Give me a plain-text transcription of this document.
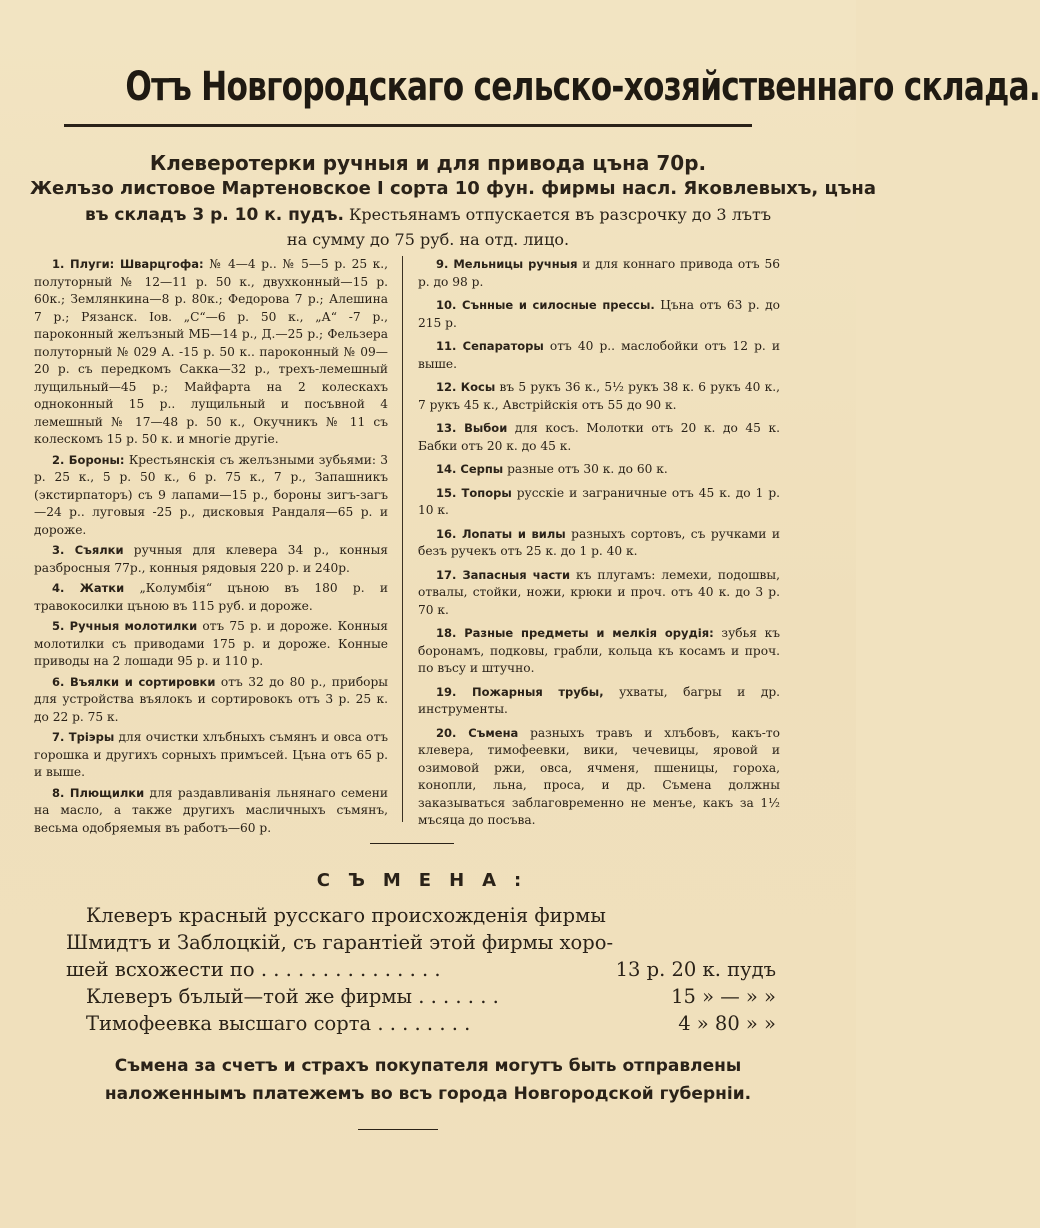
Отъ Новгородскаго сельско-хозяйственнаго склада.
Клеверотерки ручныя и для привода цъна 70р.
Желъзо листовое Мартеновское I сорта 10 фун. фирмы насл. Яковлевыхъ, цъна
въ складъ 3 р. 10 к. пудъ. Крестьянамъ отпускается въ разсрочку до 3 лътъ
на сумму до 75 руб. на отд. лицо.

1. Плуги: Шварцгофа: № 4—4 р.. № 5—5 р. 25 к., полуторный № 12—11 р. 50 к., двухконный—15 р. 60к.; Землянкина—8 р. 80к.; Федорова 7 р.; Алешина 7 р.; Рязанск. Іов. „С“—6 р. 50 к., „А“ -7 р., пароконный желъзный МБ—14 р., Д.—25 р.; Фельзера полуторный № 029 А. -15 р. 50 к.. пароконный № 09—20 р. съ передкомъ Сакка—32 р., трехъ-лемешный лущильный—45 р.; Майфарта на 2 колескахъ одноконный 15 р.. лущильный и посъвной 4 лемешный № 17—48 р. 50 к., Окучникъ № 11 съ колескомъ 15 р. 50 к. и многіе другіе.

2. Бороны: Крестьянскія съ желъзными зубьями: 3 р. 25 к., 5 р. 50 к., 6 р. 75 к., 7 р., Запашникъ (экстирпаторъ) съ 9 лапами—15 р., бороны зигъ-загъ—24 р.. луговыя -25 р., дисковыя Рандаля—65 р. и дороже.

3. Съялки ручныя для клевера 34 р., конныя разбросныя 77р., конныя рядовыя 220 р. и 240р.

4. Жатки „Колумбія“ цъною въ 180 р. и травокосилки цъною въ 115 руб. и дороже.

5. Ручныя молотилки отъ 75 р. и дороже. Конныя молотилки съ приводами 175 р. и дороже. Конные приводы на 2 лошади 95 р. и 110 р.

6. Въялки и сортировки отъ 32 до 80 р., приборы для устройства въялокъ и сортировокъ отъ 3 р. 25 к. до 22 р. 75 к.

7. Тріэры для очистки хлъбныхъ съмянъ и овса отъ горошка и другихъ сорныхъ примъсей. Цъна отъ 65 р. и выше.

8. Плющилки для раздавливанія льнянаго семени на масло, а также другихъ масличныхъ съмянъ, весьма одобряемыя въ работъ—60 р.

9. Мельницы ручныя и для коннаго привода отъ 56 р. до 98 р.

10. Сънные и силосные прессы. Цъна отъ 63 р. до 215 р.

11. Сепараторы отъ 40 р.. маслобойки отъ 12 р. и выше.

12. Косы въ 5 рукъ 36 к., 5½ рукъ 38 к. 6 рукъ 40 к., 7 рукъ 45 к., Австрійскія отъ 55 до 90 к.

13. Выбои для косъ. Молотки отъ 20 к. до 45 к. Бабки отъ 20 к. до 45 к.

14. Серпы разные отъ 30 к. до 60 к.

15. Топоры русскіе и заграничные отъ 45 к. до 1 р. 10 к.

16. Лопаты и вилы разныхъ сортовъ, съ ручками и безъ ручекъ отъ 25 к. до 1 р. 40 к.

17. Запасныя части къ плугамъ: лемехи, подошвы, отвалы, стойки, ножи, крюки и проч. отъ 40 к. до 3 р. 70 к.

18. Разные предметы и мелкія орудія: зубья къ боронамъ, подковы, грабли, кольца къ косамъ и проч. по въсу и штучно.

19. Пожарныя трубы, ухваты, багры и др. инструменты.

20. Съмена разныхъ травъ и хлъбовъ, какъ-то клевера, тимофеевки, вики, чечевицы, яровой и озимовой ржи, овса, ячменя, пшеницы, гороха, конопли, льна, проса, и др. Съмена должны заказываться заблаговременно не менъе, какъ за 1½ мъсяца до посъва.

СЪМЕНА:
Клеверъ красный русскаго происхожденія фирмы
Шмидтъ и Заблоцкій, съ гарантіей этой фирмы хоро-
шей всхожести по . . . . . . . . . . . . . . .	13 р. 20 к. пудъ
Клеверъ бълый—той же фирмы . . . . . . .	15 » — » »
Тимофеевка высшаго сорта . . . . . . . .	4 » 80 » »
Съмена за счетъ и страхъ покупателя могутъ быть отправлены
наложеннымъ платежемъ во всъ города Новгородской губерніи.
